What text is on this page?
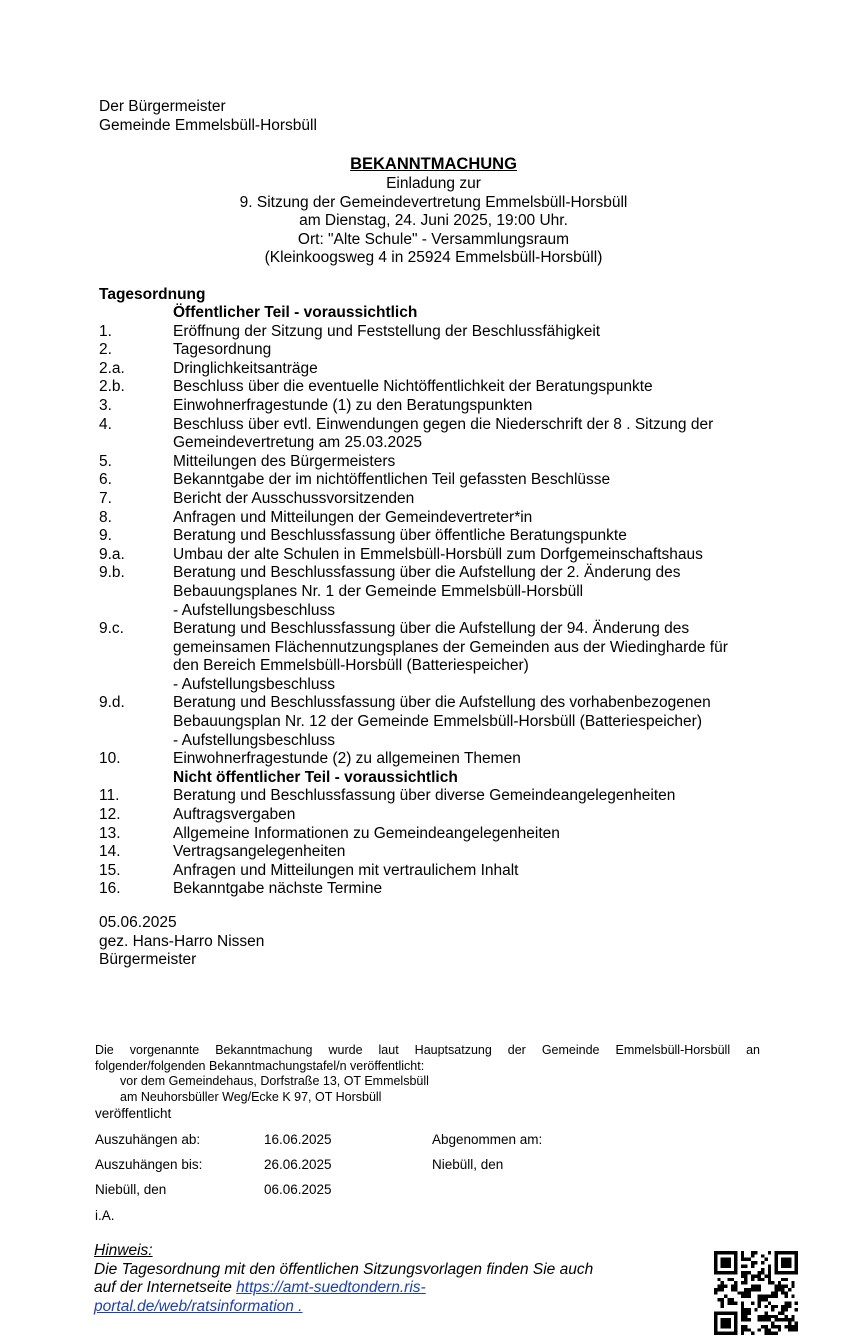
Der Bürgermeister
Gemeinde Emmelsbüll-Horsbüll
BEKANNTMACHUNG
Einladung zur
9. Sitzung der Gemeindevertretung Emmelsbüll-Horsbüll
am Dienstag, 24. Juni 2025, 19:00 Uhr.
Ort: "Alte Schule" - Versammlungsraum
(Kleinkoogsweg 4 in 25924 Emmelsbüll-Horsbüll)
Tagesordnung
Öffentlicher Teil - voraussichtlich
1.	Eröffnung der Sitzung und Feststellung der Beschlussfähigkeit
2.	Tagesordnung
2.a.	Dringlichkeitsanträge
2.b.	Beschluss über die eventuelle Nichtöffentlichkeit der Beratungspunkte
3.	Einwohnerfragestunde (1) zu den Beratungspunkten
4.	Beschluss über evtl. Einwendungen gegen die Niederschrift der 8 . Sitzung der
Gemeindevertretung am 25.03.2025
5.	Mitteilungen des Bürgermeisters
6.	Bekanntgabe der im nichtöffentlichen Teil gefassten Beschlüsse
7.	Bericht der Ausschussvorsitzenden
8.	Anfragen und Mitteilungen der Gemeindevertreter*in
9.	Beratung und Beschlussfassung über öffentliche Beratungspunkte
9.a.	Umbau der alte Schulen in Emmelsbüll-Horsbüll zum Dorfgemeinschaftshaus
9.b.	Beratung und Beschlussfassung über die Aufstellung der 2. Änderung des
Bebauungsplanes Nr. 1 der Gemeinde Emmelsbüll-Horsbüll
- Aufstellungsbeschluss
9.c.	Beratung und Beschlussfassung über die Aufstellung der 94. Änderung des
gemeinsamen Flächennutzungsplanes der Gemeinden aus der Wiedingharde für
den Bereich Emmelsbüll-Horsbüll (Batteriespeicher)
- Aufstellungsbeschluss
9.d.	Beratung und Beschlussfassung über die Aufstellung des vorhabenbezogenen
Bebauungsplan Nr. 12 der Gemeinde Emmelsbüll-Horsbüll (Batteriespeicher)
- Aufstellungsbeschluss
10.	Einwohnerfragestunde (2) zu allgemeinen Themen
Nicht öffentlicher Teil - voraussichtlich
11.	Beratung und Beschlussfassung über diverse Gemeindeangelegenheiten
12.	Auftragsvergaben
13.	Allgemeine Informationen zu Gemeindeangelegenheiten
14.	Vertragsangelegenheiten
15.	Anfragen und Mitteilungen mit vertraulichem Inhalt
16.	Bekanntgabe nächste Termine
05.06.2025
gez. Hans-Harro Nissen
Bürgermeister
Die vorgenannte Bekanntmachung wurde laut Hauptsatzung der Gemeinde Emmelsbüll-Horsbüll an folgender/folgenden Bekanntmachungstafel/n veröffentlicht:
vor dem Gemeindehaus, Dorfstraße 13, OT Emmelsbüll
am Neuhorsbüller Weg/Ecke K 97, OT Horsbüll
veröffentlicht
Auszuhängen ab:	16.06.2025	Abgenommen am:
Auszuhängen bis:	26.06.2025	Niebüll, den
Niebüll, den	06.06.2025
i.A.
Hinweis:
Die Tagesordnung mit den öffentlichen Sitzungsvorlagen finden Sie auch
auf der Internetseite https://amt-suedtondern.ris-
portal.de/web/ratsinformation .
